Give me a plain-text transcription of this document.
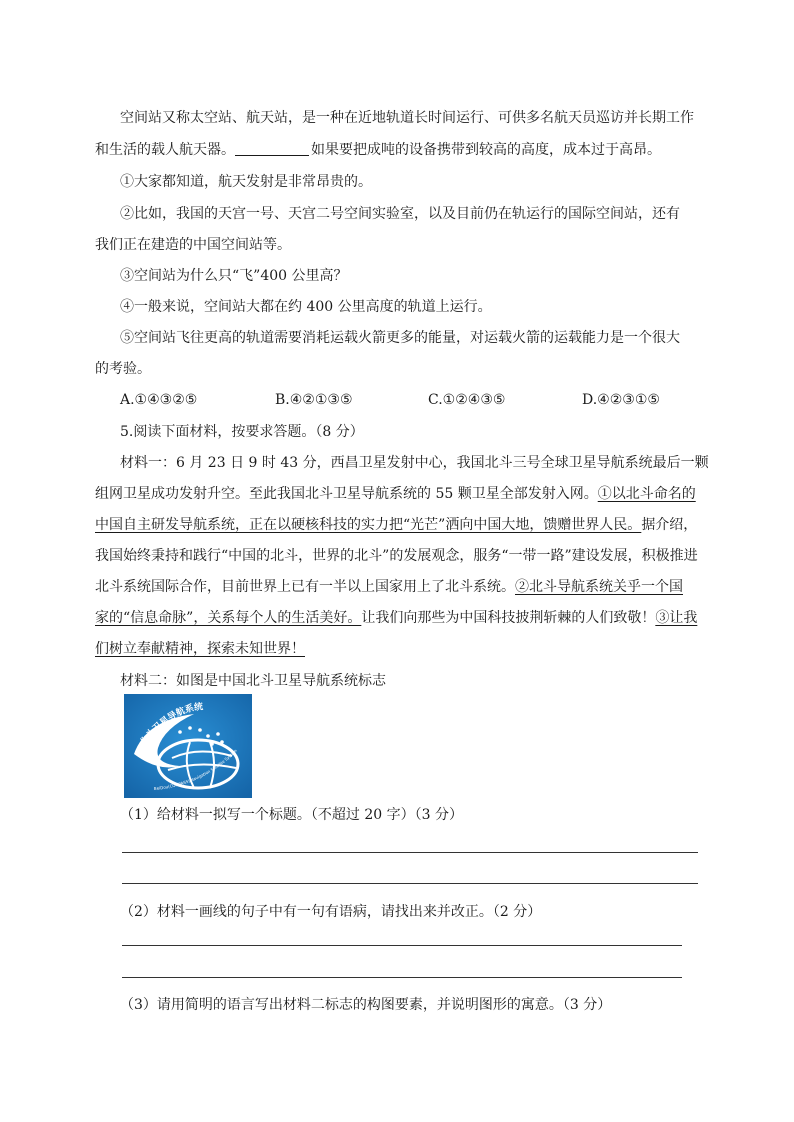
空间站又称太空站、航天站，是一种在近地轨道长时间运行、可供多名航天员巡访并长期工作
和生活的载人航天器。	如果要把成吨的设备携带到较高的高度，成本过于高昂。
①大家都知道，航天发射是非常昂贵的。
②比如，我国的天宫一号、天宫二号空间实验室，以及目前仍在轨运行的国际空间站，还有
我们正在建造的中国空间站等。
③空间站为什么只“飞”400 公里高？
④一般来说，空间站大都在约 400 公里高度的轨道上运行。
⑤空间站飞往更高的轨道需要消耗运载火箭更多的能量，对运载火箭的运载能力是一个很大
的考验。
A.①④③②⑤	B.④②①③⑤	C.①②④③⑤	D.④②③①⑤
5.阅读下面材料，按要求答题。（8 分）
材料一：6 月 23 日 9 时 43 分，西昌卫星发射中心，我国北斗三号全球卫星导航系统最后一颗
组网卫星成功发射升空。至此我国北斗卫星导航系统的 55 颗卫星全部发射入网。①以北斗命名的
中国自主研发导航系统，正在以硬核科技的实力把“光芒”洒向中国大地，馈赠世界人民。据介绍，
我国始终秉持和践行“中国的北斗，世界的北斗”的发展观念，服务“一带一路”建设发展，积极推进
北斗系统国际合作，目前世界上已有一半以上国家用上了北斗系统。②北斗导航系统关乎一个国
家的“信息命脉”，关系每个人的生活美好。让我们向那些为中国科技披荆斩棘的人们致敬！③让我
们树立奉献精神，探索未知世界！
材料二：如图是中国北斗卫星导航系统标志
北斗卫星导航系统
BeiDou(COMPASS) Navigation Satellite System
（1）给材料一拟写一个标题。（不超过 20 字）（3 分）
（2）材料一画线的句子中有一句有语病，请找出来并改正。（2 分）
（3）请用简明的语言写出材料二标志的构图要素，并说明图形的寓意。（3 分）
